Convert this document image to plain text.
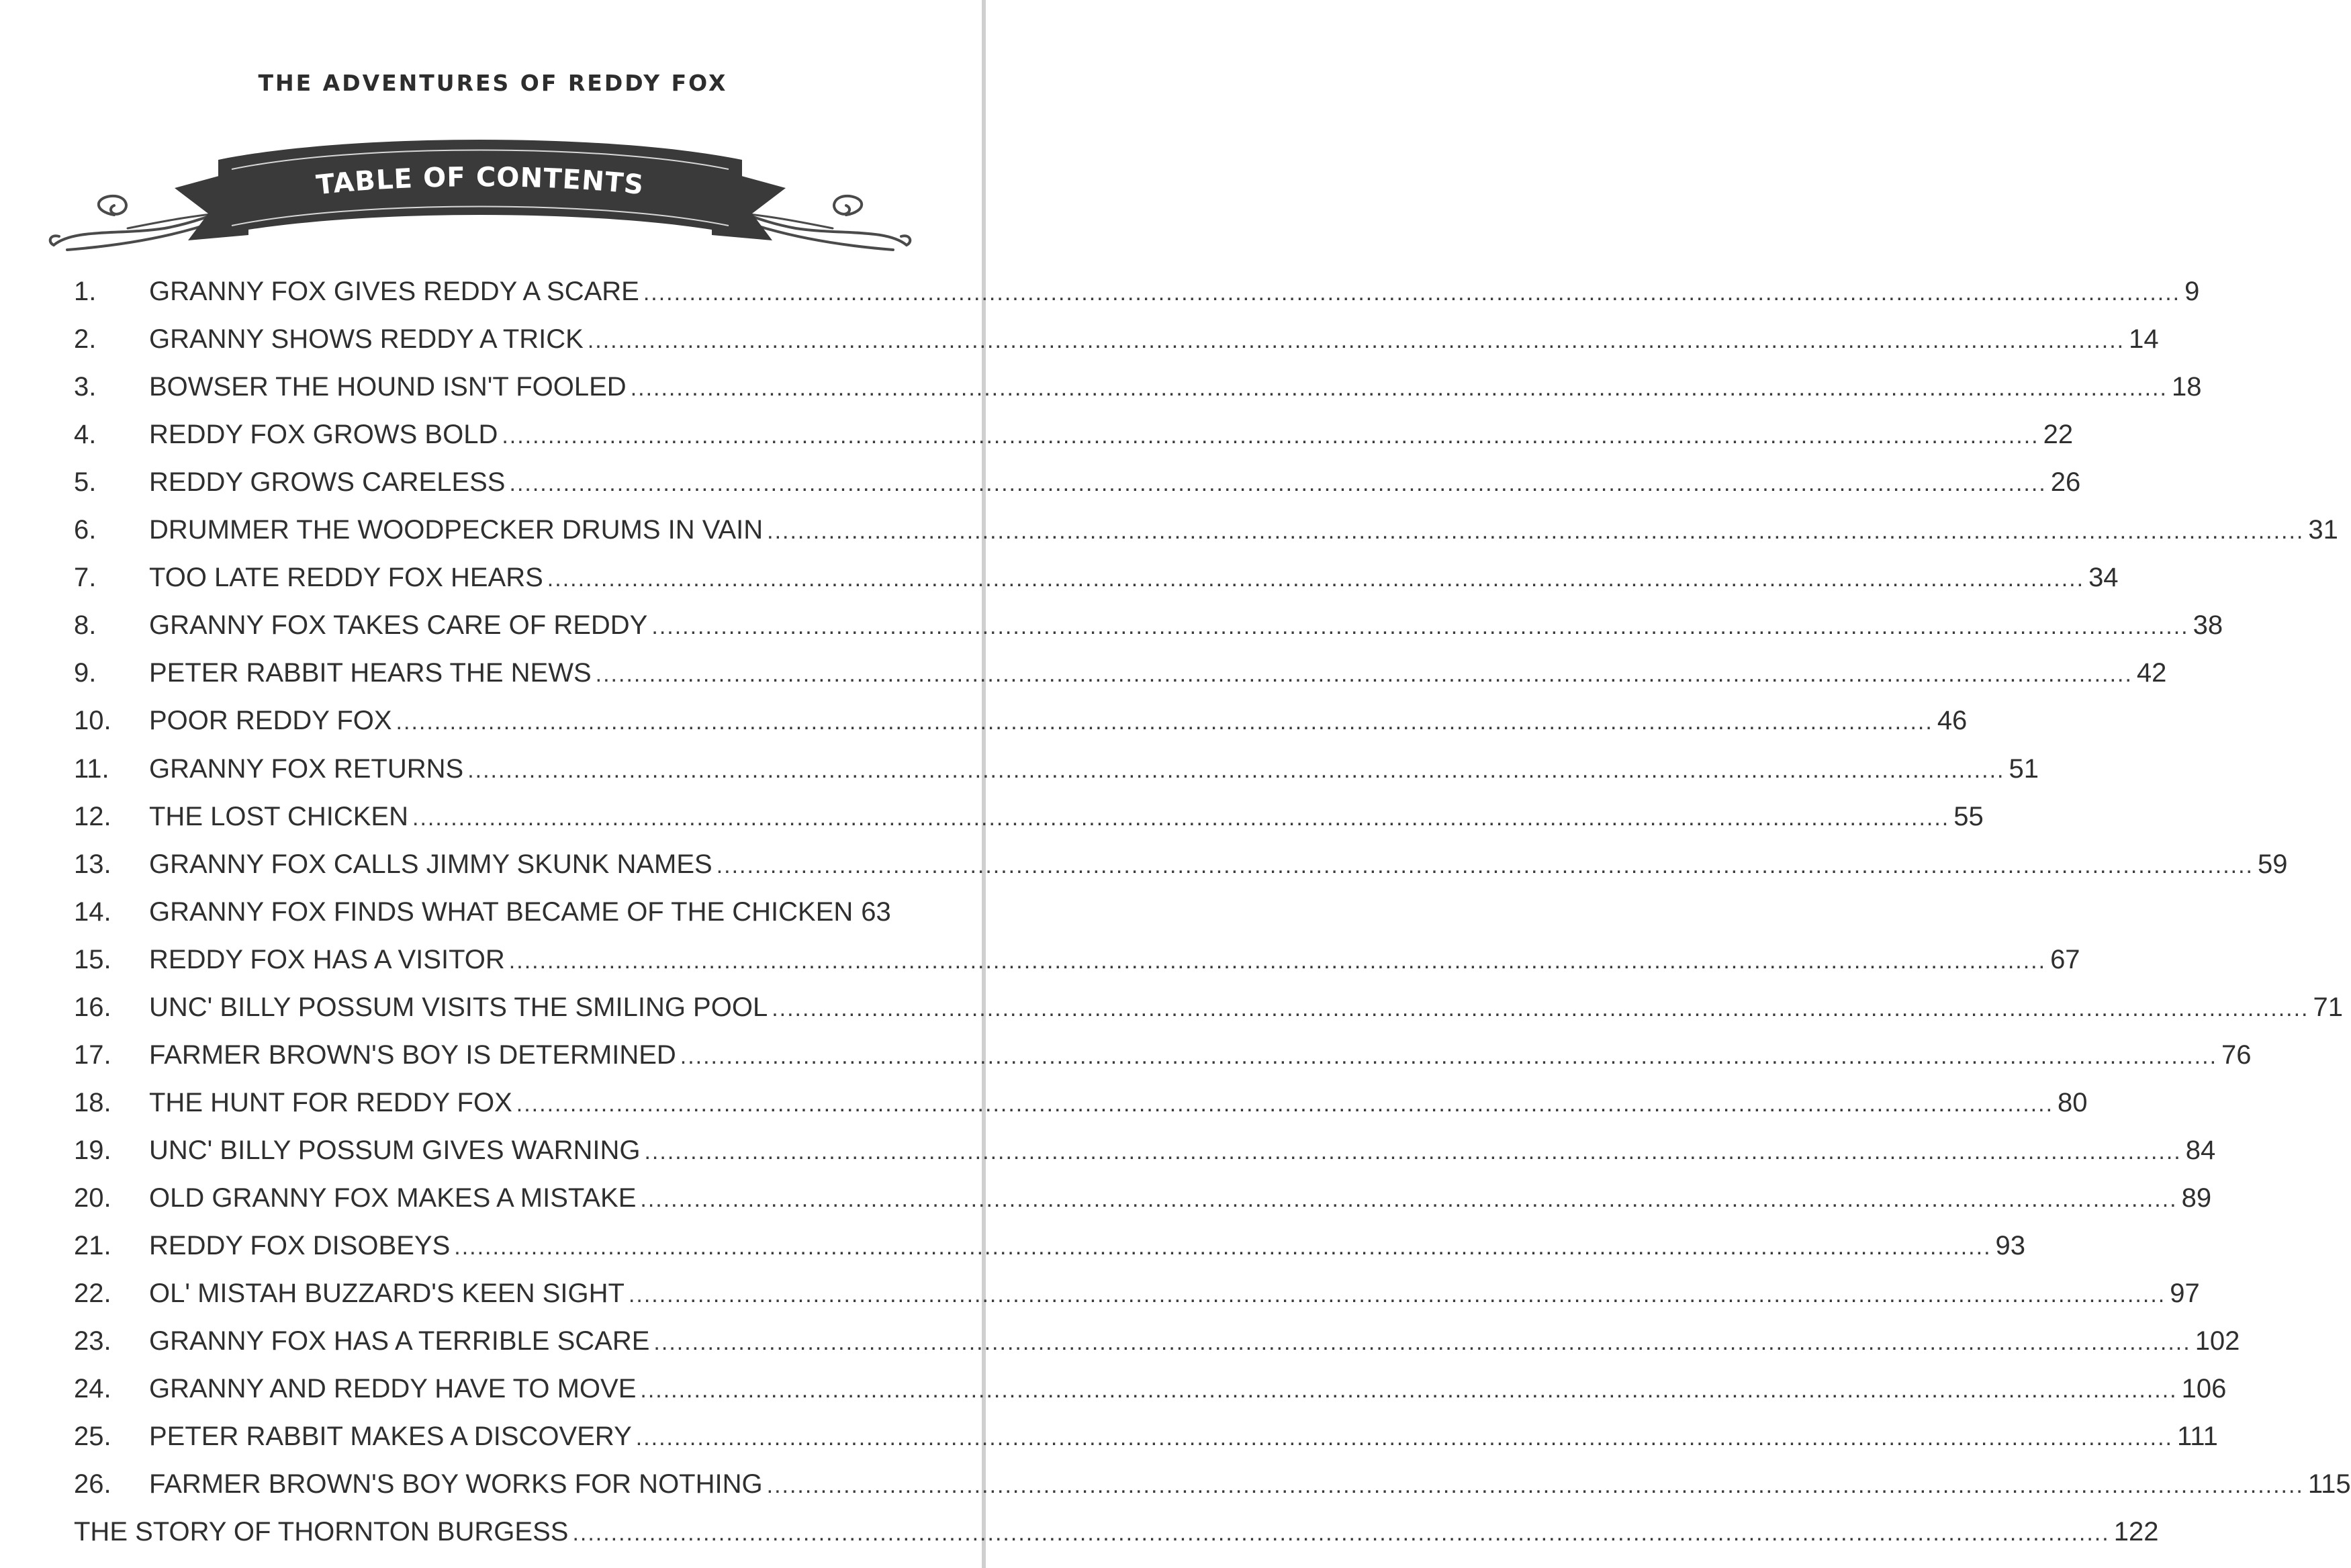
THE ADVENTURES OF REDDY FOX
TABLE OF CONTENTS
1.	GRANNY FOX GIVES REDDY A SCARE ........................................................................................................................................................................................................ 9
2.	GRANNY SHOWS REDDY A TRICK ........................................................................................................................................................................................................ 14
3.	BOWSER THE HOUND ISN'T FOOLED ........................................................................................................................................................................................................ 18
4.	REDDY FOX GROWS BOLD ........................................................................................................................................................................................................ 22
5.	REDDY GROWS CARELESS ........................................................................................................................................................................................................ 26
6.	DRUMMER THE WOODPECKER DRUMS IN VAIN ........................................................................................................................................................................................................ 31
7.	TOO LATE REDDY FOX HEARS ........................................................................................................................................................................................................ 34
8.	GRANNY FOX TAKES CARE OF REDDY ........................................................................................................................................................................................................ 38
9.	PETER RABBIT HEARS THE NEWS ........................................................................................................................................................................................................ 42
10.	POOR REDDY FOX ........................................................................................................................................................................................................ 46
11.	GRANNY FOX RETURNS ........................................................................................................................................................................................................ 51
12.	THE LOST CHICKEN ........................................................................................................................................................................................................ 55
13.	GRANNY FOX CALLS JIMMY SKUNK NAMES ........................................................................................................................................................................................................ 59
14.	GRANNY FOX FINDS WHAT BECAME OF THE CHICKEN 63
15.	REDDY FOX HAS A VISITOR ........................................................................................................................................................................................................ 67
16.	UNC' BILLY POSSUM VISITS THE SMILING POOL ........................................................................................................................................................................................................ 71
17.	FARMER BROWN'S BOY IS DETERMINED ........................................................................................................................................................................................................ 76
18.	THE HUNT FOR REDDY FOX ........................................................................................................................................................................................................ 80
19.	UNC' BILLY POSSUM GIVES WARNING ........................................................................................................................................................................................................ 84
20.	OLD GRANNY FOX MAKES A MISTAKE ........................................................................................................................................................................................................ 89
21.	REDDY FOX DISOBEYS ........................................................................................................................................................................................................ 93
22.	OL' MISTAH BUZZARD'S KEEN SIGHT ........................................................................................................................................................................................................ 97
23.	GRANNY FOX HAS A TERRIBLE SCARE ........................................................................................................................................................................................................ 102
24.	GRANNY AND REDDY HAVE TO MOVE ........................................................................................................................................................................................................ 106
25.	PETER RABBIT MAKES A DISCOVERY ........................................................................................................................................................................................................ 111
26.	FARMER BROWN'S BOY WORKS FOR NOTHING ........................................................................................................................................................................................................ 115
THE STORY OF THORNTON BURGESS ........................................................................................................................................................................................................ 122
